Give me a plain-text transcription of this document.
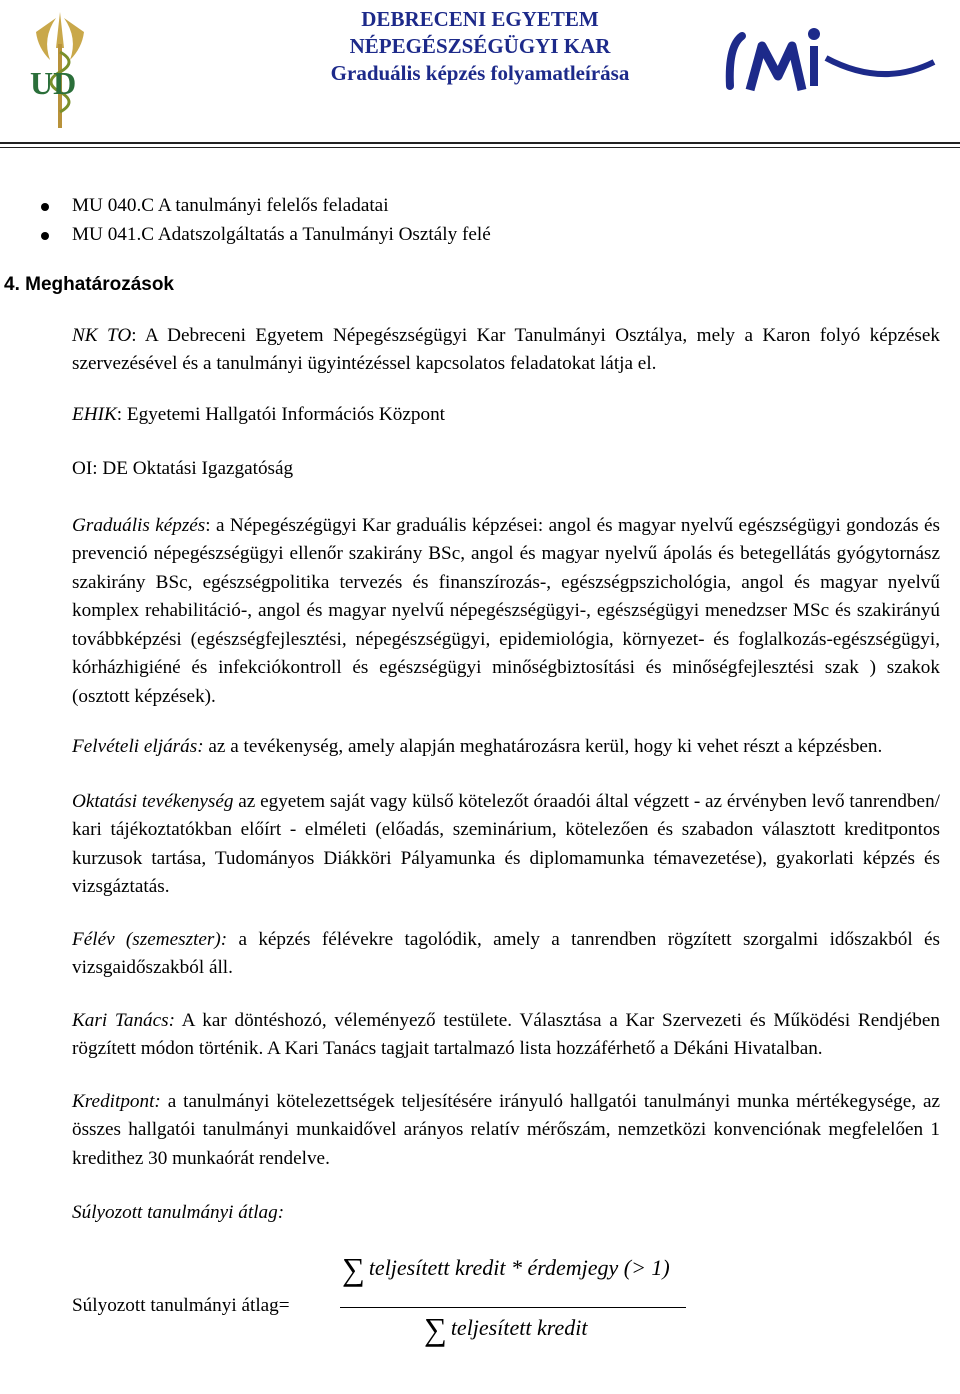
UD
DEBRECENI EGYETEM
NÉPEGÉSZSÉGÜGYI KAR
Graduális képzés folyamatleírása
MU 040.C A tanulmányi felelős feladatai
MU 041.C Adatszolgáltatás a Tanulmányi Osztály felé
4. Meghatározások

NK TO: A Debreceni Egyetem Népegészségügyi Kar Tanulmányi Osztálya, mely a Karon folyó képzések szervezésével és a tanulmányi ügyintézéssel kapcsolatos feladatokat látja el.

EHIK: Egyetemi Hallgatói Információs Központ

OI: DE Oktatási Igazgatóság

Graduális képzés: a Népegészégügyi Kar graduális képzései: angol és magyar nyelvű egészségügyi gondozás és prevenció népegészségügyi ellenőr szakirány BSc, angol és magyar nyelvű ápolás és betegellátás gyógytornász szakirány BSc, egészségpolitika tervezés és finanszírozás-, egészségpszichológia, angol és magyar nyelvű komplex rehabilitáció-, angol és magyar nyelvű népegészségügyi-, egészségügyi menedzser MSc és szakirányú továbbképzési (egészségfejlesztési, népegészségügyi, epidemiológia, környezet- és foglalkozás-egészségügyi, kórházhigiéné és infekciókontroll és egészségügyi minőségbiztosítási és minőségfejlesztési szak ) szakok (osztott képzések).

Felvételi eljárás: az a tevékenység, amely alapján meghatározásra kerül, hogy ki vehet részt a képzésben.

Oktatási tevékenység az egyetem saját vagy külső kötelezőt óraadói által végzett - az érvényben levő tanrendben/ kari tájékoztatókban előírt - elméleti (előadás, szeminárium, kötelezően és szabadon választott kreditpontos kurzusok tartása, Tudományos Diákköri Pályamunka és diplomamunka témavezetése), gyakorlati képzés és vizsgáztatás.

Félév (szemeszter): a képzés félévekre tagolódik, amely a tanrendben rögzített szorgalmi időszakból és vizsgaidőszakból áll.

Kari Tanács: A kar döntéshozó, véleményező testülete. Választása a Kar Szervezeti és Működési Rendjében rögzített módon történik. A Kari Tanács tagjait tartalmazó lista hozzáférhető a Dékáni Hivatalban.

Kreditpont: a tanulmányi kötelezettségek teljesítésére irányuló hallgatói tanulmányi munka mértékegysége, az összes hallgatói tanulmányi munkaidővel arányos relatív mérőszám, nemzetközi konvenciónak megfelelően 1 kredithez 30 munkaórát rendelve.

Súlyozott tanulmányi átlag:

Súlyozott tanulmányi átlag=
∑ teljesített kredit * érdemjegy (> 1)
∑ teljesített kredit
